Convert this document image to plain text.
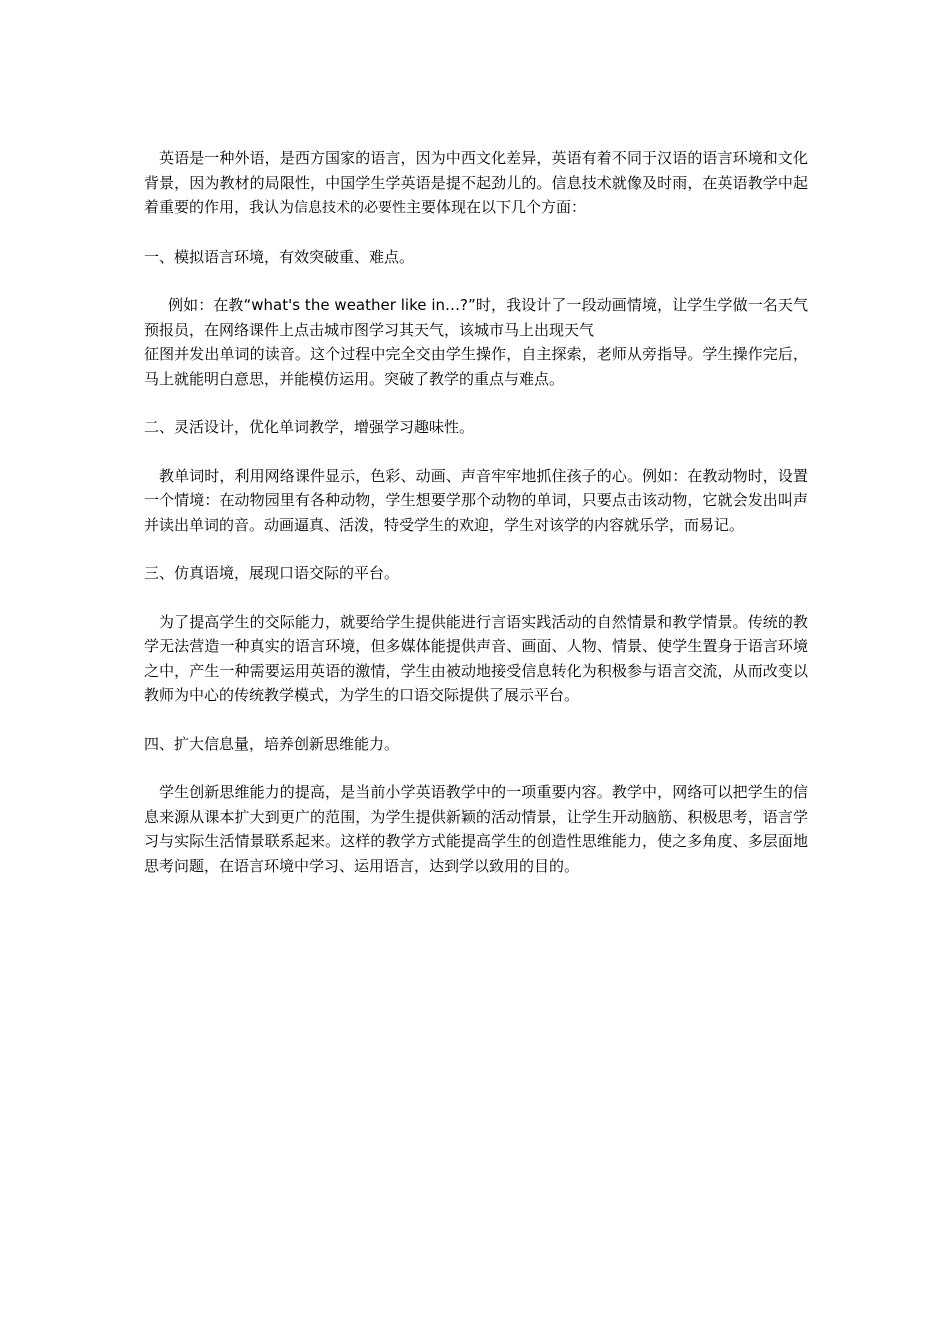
英语是一种外语，是西方国家的语言，因为中西文化差异，英语有着不同于汉语的语言环境和文化背景，因为教材的局限性，中国学生学英语是提不起劲儿的。信息技术就像及时雨，在英语教学中起着重要的作用，我认为信息技术的必要性主要体现在以下几个方面：

一、模拟语言环境，有效突破重、难点。

例如：在教“what's the weather like in…?”时，我设计了一段动画情境，让学生学做一名天气预报员，在网络课件上点击城市图学习其天气，该城市马上出现天气

征图并发出单词的读音。这个过程中完全交由学生操作，自主探索，老师从旁指导。学生操作完后，马上就能明白意思，并能模仿运用。突破了教学的重点与难点。

二、灵活设计，优化单词教学，增强学习趣味性。

教单词时，利用网络课件显示，色彩、动画、声音牢牢地抓住孩子的心。例如：在教动物时，设置一个情境：在动物园里有各种动物，学生想要学那个动物的单词，只要点击该动物，它就会发出叫声并读出单词的音。动画逼真、活泼，特受学生的欢迎，学生对该学的内容就乐学，而易记。

三、仿真语境，展现口语交际的平台。

为了提高学生的交际能力，就要给学生提供能进行言语实践活动的自然情景和教学情景。传统的教学无法营造一种真实的语言环境，但多媒体能提供声音、画面、人物、情景、使学生置身于语言环境之中，产生一种需要运用英语的激情，学生由被动地接受信息转化为积极参与语言交流，从而改变以教师为中心的传统教学模式，为学生的口语交际提供了展示平台。

四、扩大信息量，培养创新思维能力。

学生创新思维能力的提高，是当前小学英语教学中的一项重要内容。教学中，网络可以把学生的信息来源从课本扩大到更广的范围，为学生提供新颖的活动情景，让学生开动脑筋、积极思考，语言学习与实际生活情景联系起来。这样的教学方式能提高学生的创造性思维能力，使之多角度、多层面地思考问题，在语言环境中学习、运用语言，达到学以致用的目的。
